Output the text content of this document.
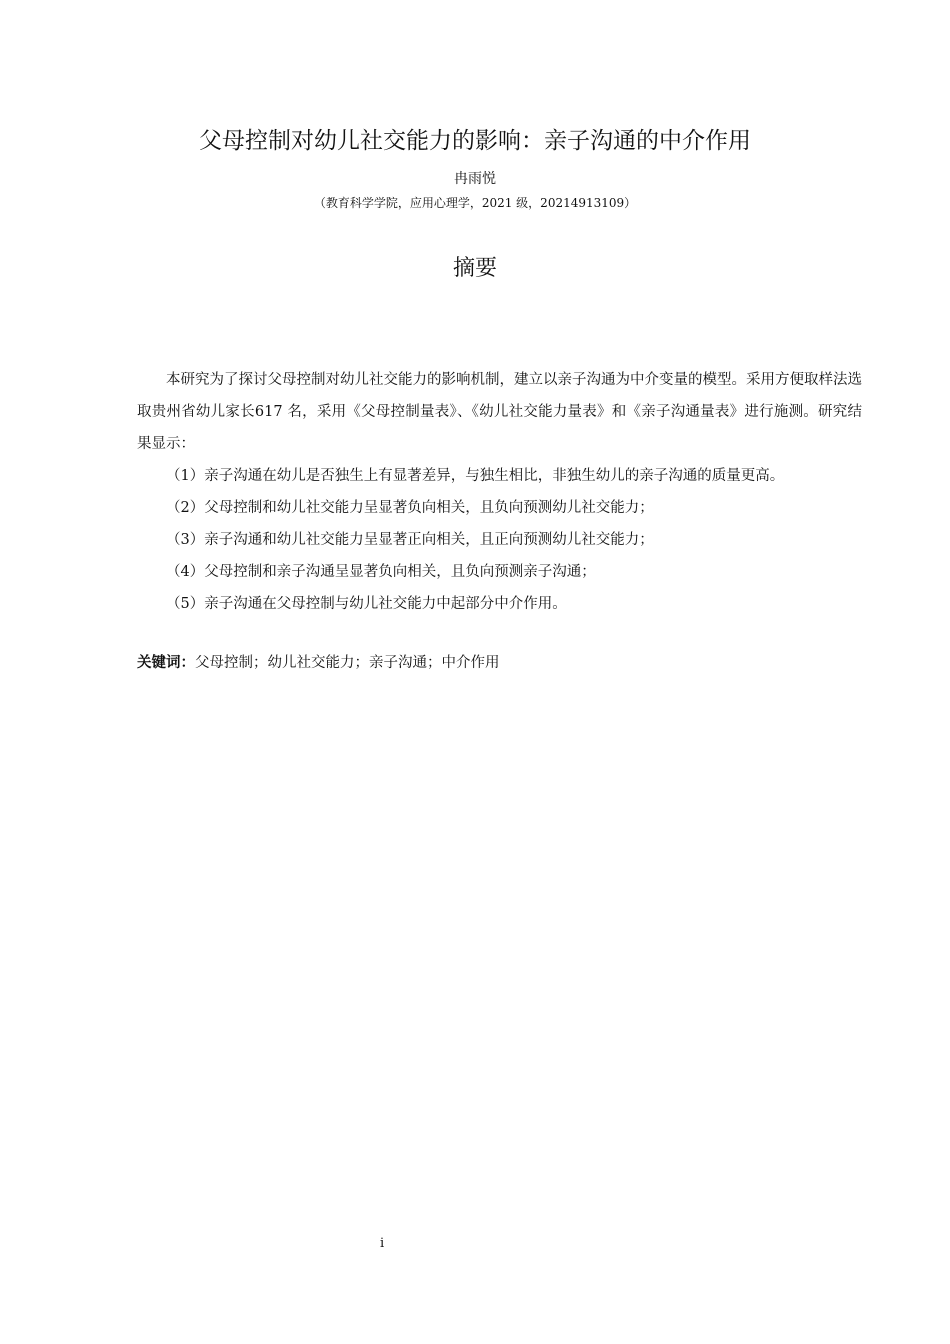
父母控制对幼儿社交能力的影响：亲子沟通的中介作用
冉雨悦
（教育科学学院，应用心理学，2021 级，20214913109）
摘要

本研究为了探讨父母控制对幼儿社交能力的影响机制，建立以亲子沟通为中介变量的模型。采用方便取样法选取贵州省幼儿家长617 名，采用《父母控制量表》、《幼儿社交能力量表》和《亲子沟通量表》进行施测。研究结果显示：

（1）亲子沟通在幼儿是否独生上有显著差异，与独生相比，非独生幼儿的亲子沟通的质量更高。

（2）父母控制和幼儿社交能力呈显著负向相关，且负向预测幼儿社交能力；

（3）亲子沟通和幼儿社交能力呈显著正向相关，且正向预测幼儿社交能力；

（4）父母控制和亲子沟通呈显著负向相关，且负向预测亲子沟通；

（5）亲子沟通在父母控制与幼儿社交能力中起部分中介作用。

关键词：父母控制；幼儿社交能力；亲子沟通；中介作用
i
